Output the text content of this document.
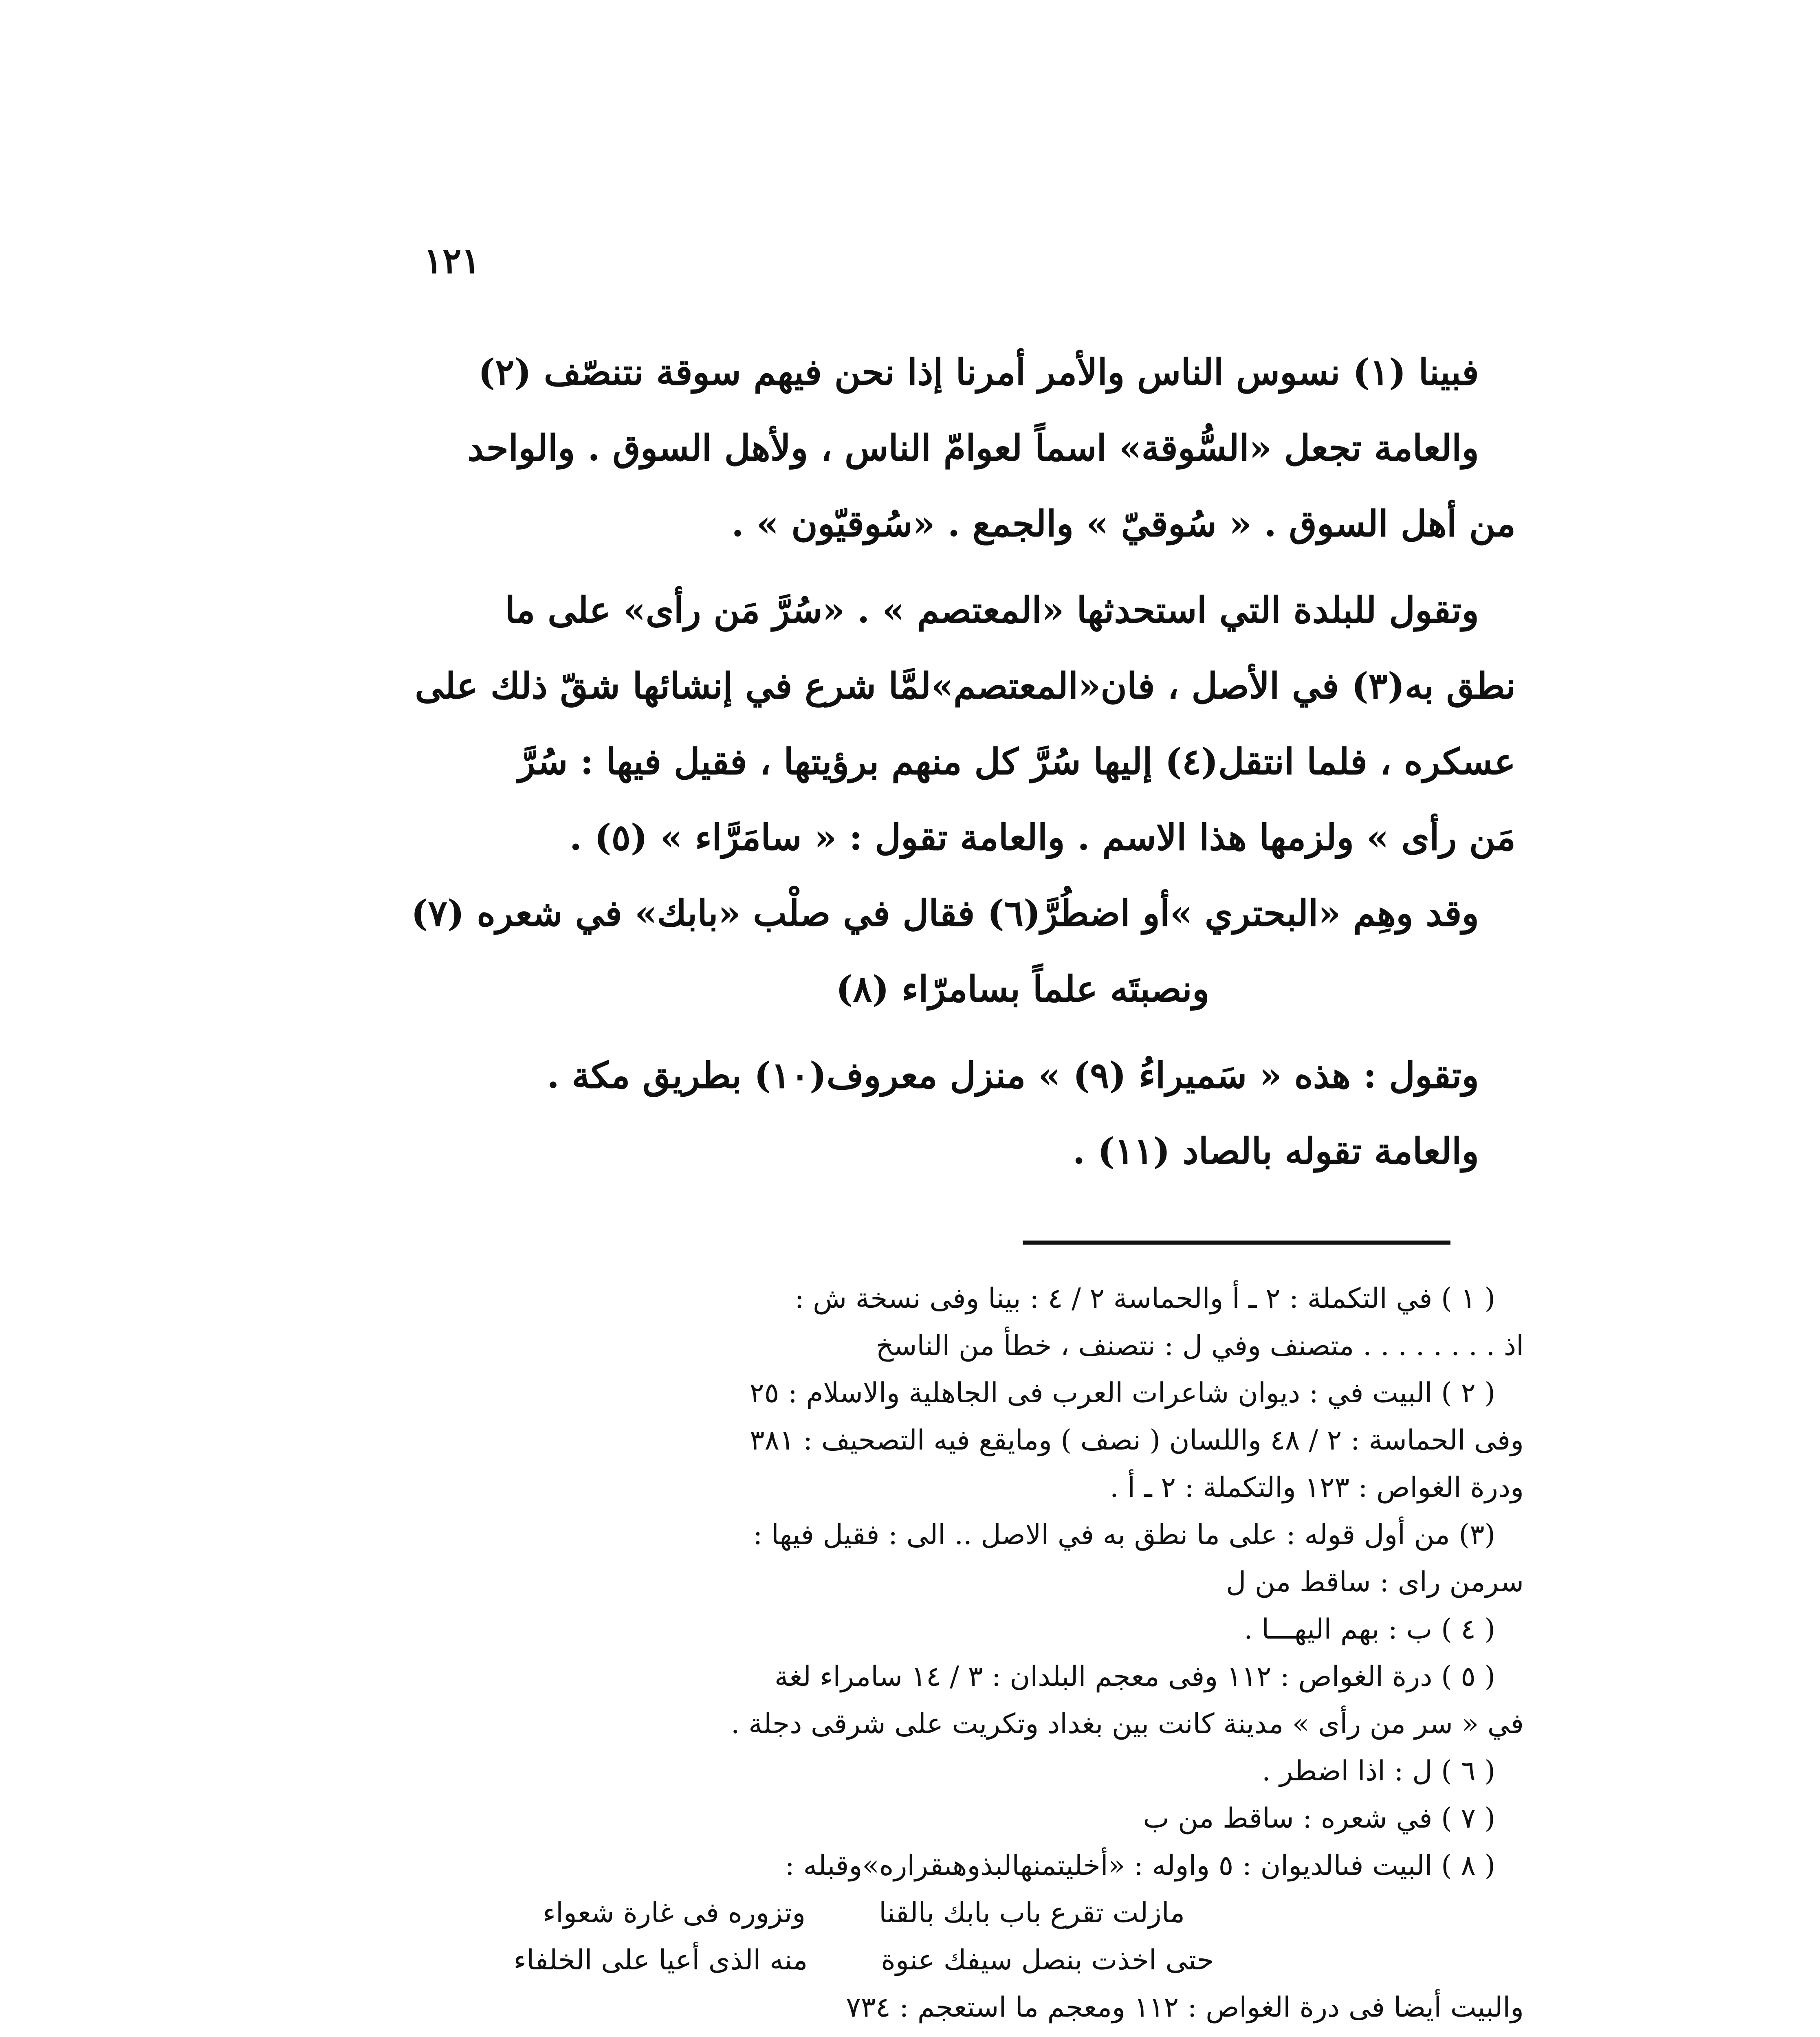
١٢١

فبينا (١) نسوس الناس والأمر أمرنا إذا نحن فيهم سوقة نتنصّف (٢)

والعامة تجعل «السُّوقة» اسماً لعوامّ الناس ، ولأهل السوق . والواحد

من أهل السوق . « سُوقيّ » والجمع . «سُوقيّون » .

وتقول للبلدة التي استحدثها «المعتصم » . «سُرَّ مَن رأى» على ما

نطق به(٣) في الأصل ، فان«المعتصم»لمَّا شرع في إنشائها شقّ ذلك على

عسكره ، فلما انتقل(٤) إليها سُرَّ كل منهم برؤيتها ، فقيل فيها : سُرَّ

مَن رأى » ولزمها هذا الاسم . والعامة تقول : « سامَرَّاء » (٥) .

وقد وهِم «البحتري »أو اضطُرَّ(٦) فقال في صلْب «بابك» في شعره (٧)

ونصبتَه علماً بسامرّاء (٨)

وتقول : هذه « سَميراءُ (٩) » منزل معروف(١٠) بطريق مكة .

والعامة تقوله بالصاد (١١) .

( ١ ) في التكملة : ٢ ـ أ والحماسة ٢ / ٤ : بينا وفى نسخة ش :

اذ . . . . . . . . متصنف وفي ل : نتصنف ، خطأ من الناسخ

( ٢ ) البيت في : ديوان شاعرات العرب فى الجاهلية والاسلام : ٢٥

وفى الحماسة : ٢ / ٤٨ واللسان ( نصف ) ومايقع فيه التصحيف : ٣٨١

ودرة الغواص : ١٢٣ والتكملة : ٢ ـ أ .

(٣) من أول قوله : على ما نطق به في الاصل .. الى : فقيل فيها :

سرمن راى : ساقط من ل

( ٤ ) ب : بهم اليهـــا .

( ٥ ) درة الغواص : ١١٢ وفى معجم البلدان : ٣ / ١٤ سامراء لغة

في « سر من رأى » مدينة كانت بين بغداد وتكريت على شرقى دجلة .

( ٦ ) ل : اذا اضطر .

( ٧ ) في شعره : ساقط من ب

( ٨ ) البيت فىالديوان : ٥ واوله : «أخليتمنهالبذوهىقراره»وقبله :

مازلت تقرع باب بابك بالقنا
وتزوره فى غارة شعواء
حتى اخذت بنصل سيفك عنوة
منه الذى أعيا على الخلفاء

والبيت أيضا فى درة الغواص : ١١٢ ومعجم ما استعجم : ٧٣٤
